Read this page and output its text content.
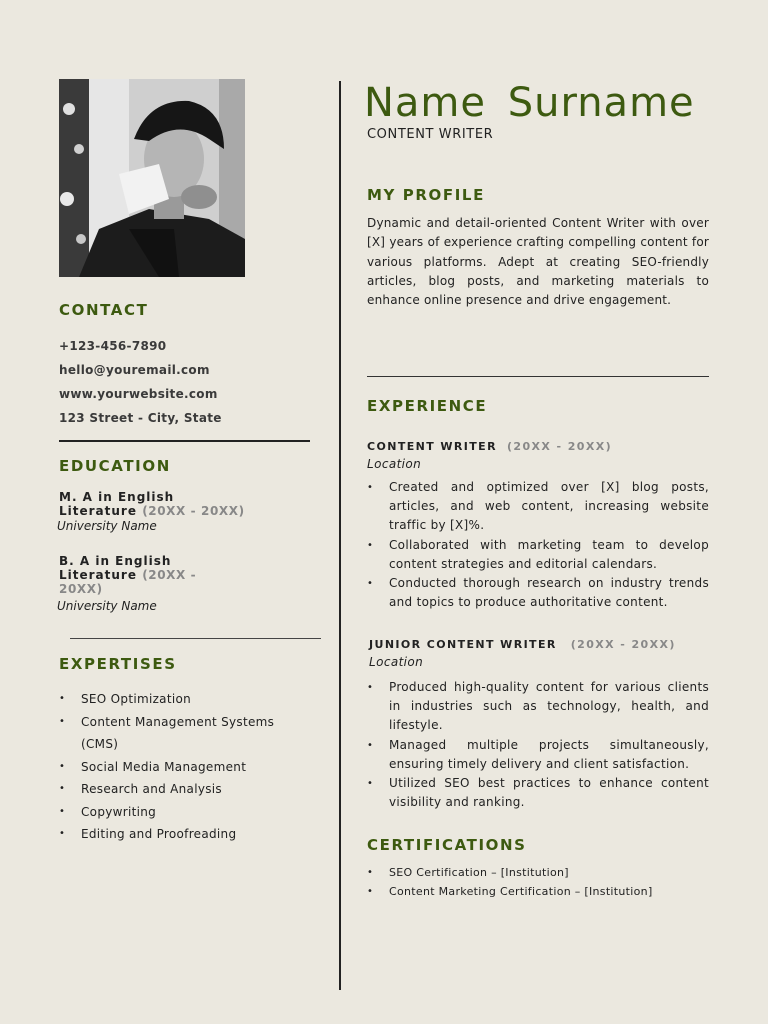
CONTACT
+123-456-7890
hello@youremail.com
www.yourwebsite.com
123 Street - City, State
EDUCATION
M. A in English
Literature (20XX - 20XX)
University Name
B. A in English
Literature (20XX -
20XX)
University Name
EXPERTISES
• SEO Optimization
• Content Management Systems (CMS)
• Social Media Management
• Research and Analysis
• Copywriting
• Editing and Proofreading
Name Surname
CONTENT WRITER
MY PROFILE
Dynamic and detail-oriented Content Writer with over [X] years of experience crafting compelling content for various platforms. Adept at creating SEO-friendly articles, blog posts, and marketing materials to enhance online presence and drive engagement.
EXPERIENCE
CONTENT WRITER (20XX - 20XX)
Location
• Created and optimized over [X] blog posts, articles, and web content, increasing website traffic by [X]%.
• Collaborated with marketing team to develop content strategies and editorial calendars.
• Conducted thorough research on industry trends and topics to produce authoritative content.
JUNIOR CONTENT WRITER (20XX - 20XX)
Location
• Produced high-quality content for various clients in industries such as technology, health, and lifestyle.
• Managed multiple projects simultaneously, ensuring timely delivery and client satisfaction.
• Utilized SEO best practices to enhance content visibility and ranking.
CERTIFICATIONS
• SEO Certification – [Institution]
• Content Marketing Certification – [Institution]
